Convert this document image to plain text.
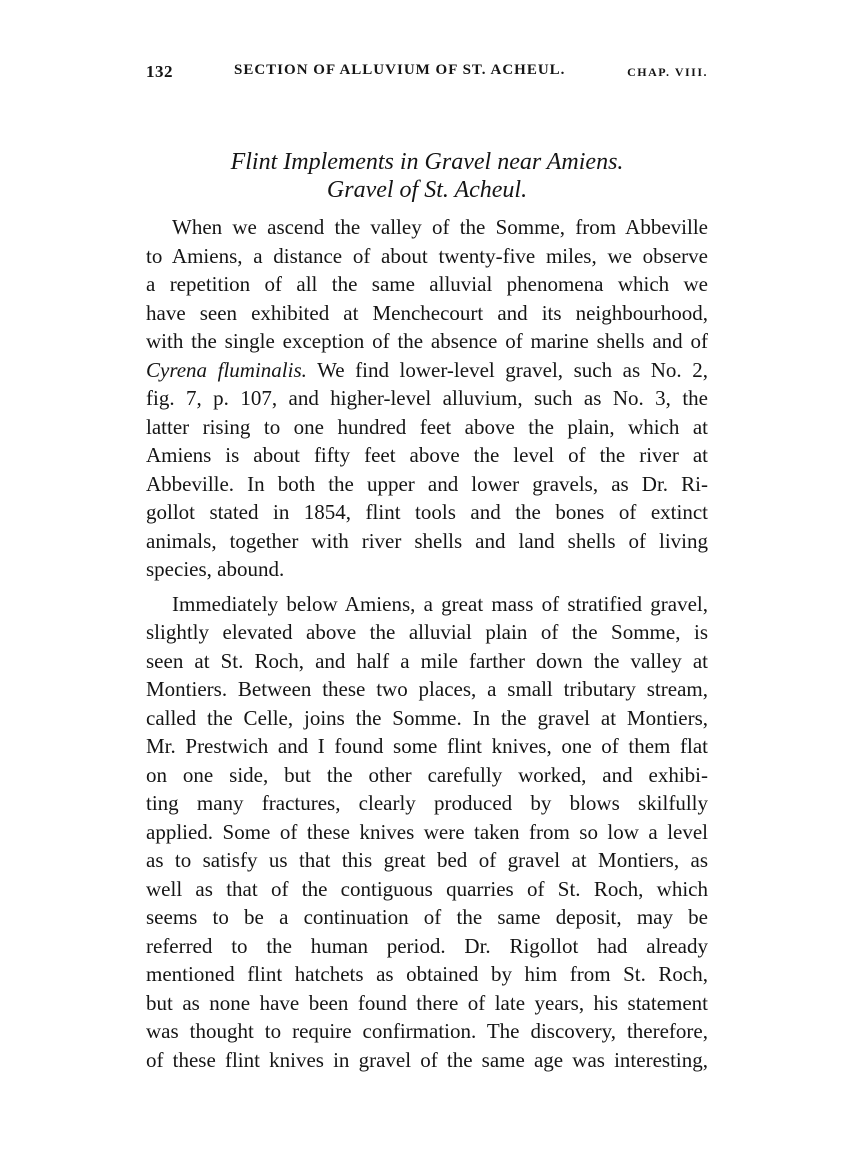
132	SECTION OF ALLUVIUM OF ST. ACHEUL.	CHAP. VIII.
Flint Implements in Gravel near Amiens.
Gravel of St. Acheul.
When we ascend the valley of the Somme, from Abbeville
to Amiens, a distance of about twenty-five miles, we observe
a repetition of all the same alluvial phenomena which we
have seen exhibited at Menchecourt and its neighbourhood,
with the single exception of the absence of marine shells and of
Cyrena fluminalis. We find lower-level gravel, such as No. 2,
fig. 7, p. 107, and higher-level alluvium, such as No. 3, the
latter rising to one hundred feet above the plain, which at
Amiens is about fifty feet above the level of the river at
Abbeville. In both the upper and lower gravels, as Dr. Ri-
gollot stated in 1854, flint tools and the bones of extinct
animals, together with river shells and land shells of living
species, abound.
Immediately below Amiens, a great mass of stratified gravel,
slightly elevated above the alluvial plain of the Somme, is
seen at St. Roch, and half a mile farther down the valley at
Montiers. Between these two places, a small tributary stream,
called the Celle, joins the Somme. In the gravel at Montiers,
Mr. Prestwich and I found some flint knives, one of them flat
on one side, but the other carefully worked, and exhibi-
ting many fractures, clearly produced by blows skilfully
applied. Some of these knives were taken from so low a level
as to satisfy us that this great bed of gravel at Montiers, as
well as that of the contiguous quarries of St. Roch, which
seems to be a continuation of the same deposit, may be
referred to the human period. Dr. Rigollot had already
mentioned flint hatchets as obtained by him from St. Roch,
but as none have been found there of late years, his statement
was thought to require confirmation. The discovery, therefore,
of these flint knives in gravel of the same age was interesting,
